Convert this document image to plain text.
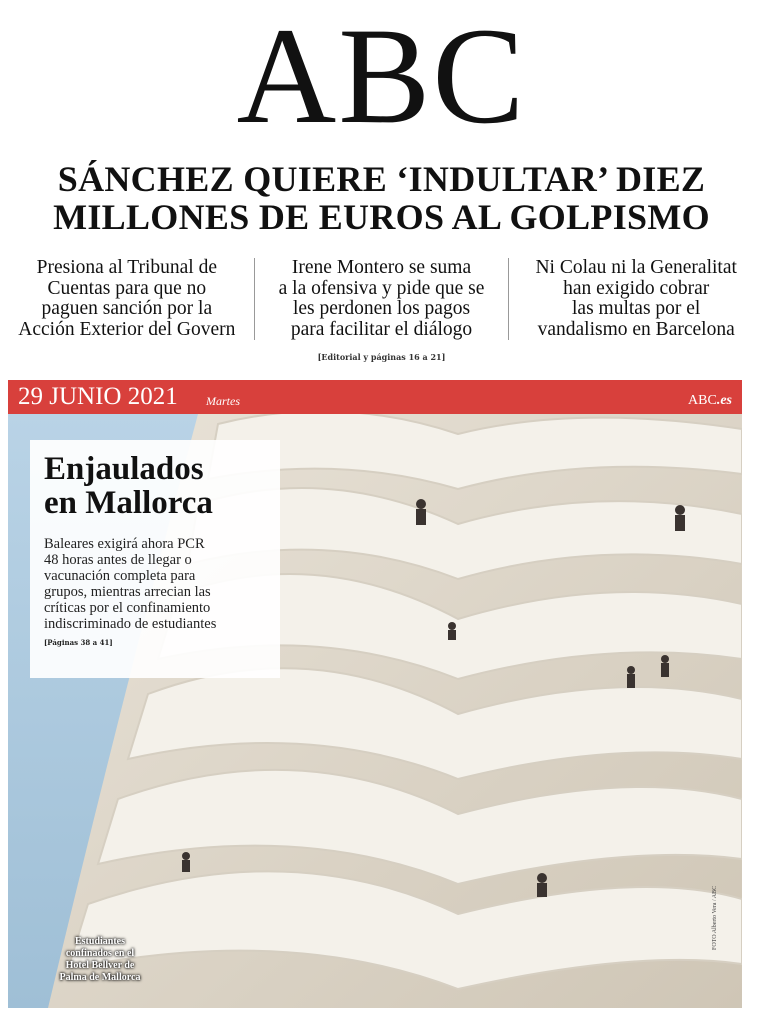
ABC
SÁNCHEZ QUIERE ‘INDULTAR’ DIEZ
MILLONES DE EUROS AL GOLPISMO
Presiona al Tribunal de
Cuentas para que no
paguen sanción por la
Acción Exterior del Govern
Irene Montero se suma
a la ofensiva y pide que se
les perdonen los pagos
para facilitar el diálogo
Ni Colau ni la Generalitat
han exigido cobrar
las multas por el
vandalismo en Barcelona
[Editorial y páginas 16 a 21]
29 JUNIO 2021 Martes	ABC.es
Enjaulados
en Mallorca
Baleares exigirá ahora PCR
48 horas antes de llegar o
vacunación completa para
grupos, mientras arrecian las
críticas por el confinamiento
indiscriminado de estudiantes
[Páginas 38 a 41]
Estudiantes
confinados en el
Hotel Bellver de
Palma de Mallorca
FOTO Alberto Vera / ABC
